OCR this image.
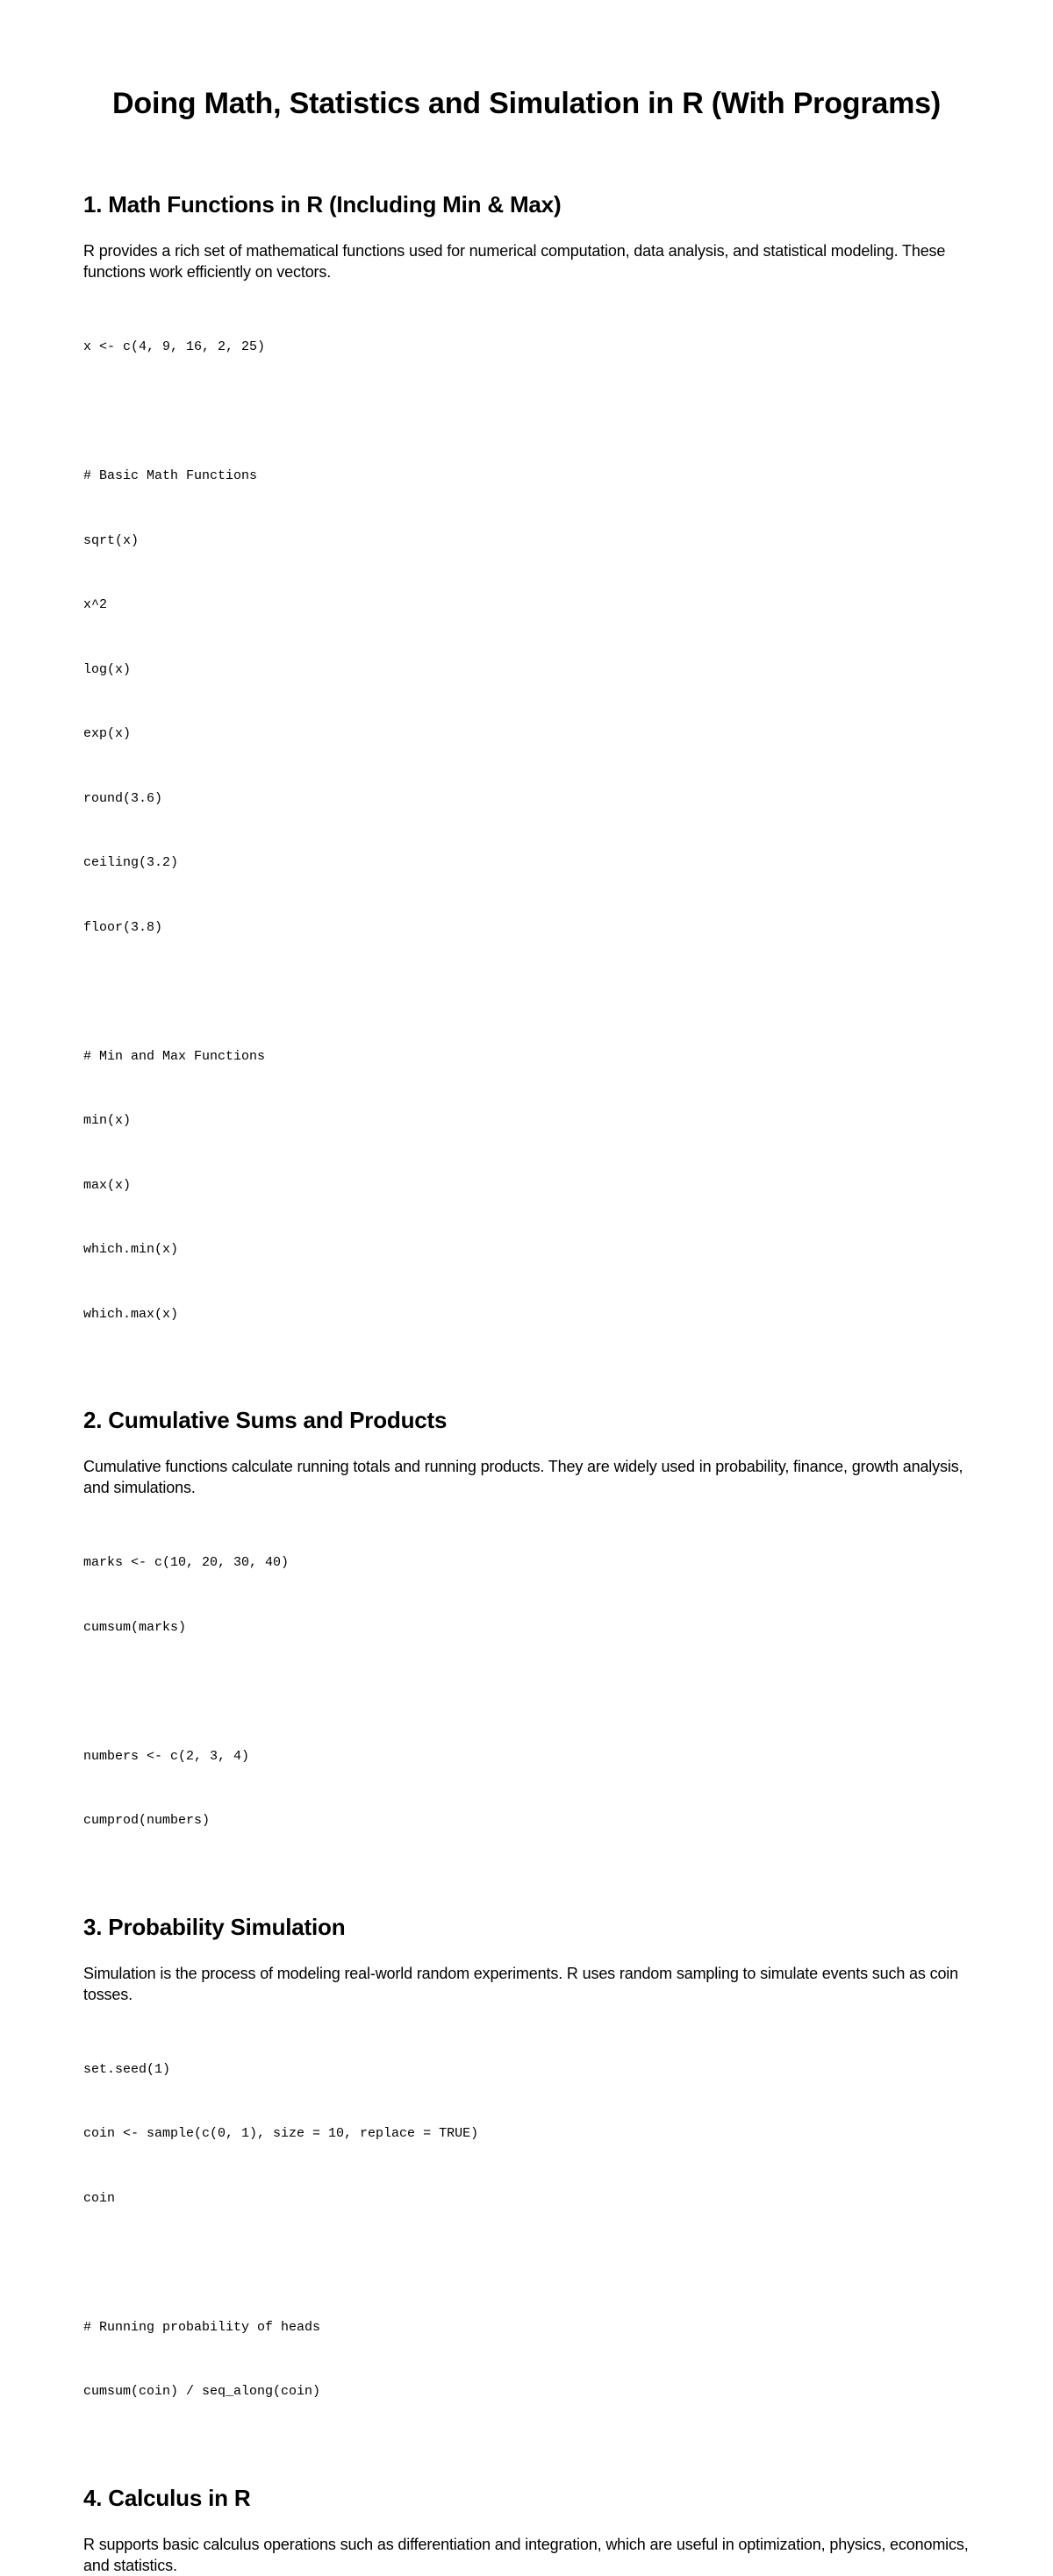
Doing Math, Statistics and Simulation in R (With Programs)
1. Math Functions in R (Including Min & Max)

R provides a rich set of mathematical functions used for numerical computation, data analysis, and statistical modeling. These functions work efficiently on vectors.

x <- c(4, 9, 16, 2, 25)

# Basic Math Functions

sqrt(x)

x^2

log(x)

exp(x)

round(3.6)

ceiling(3.2)

floor(3.8)

# Min and Max Functions

min(x)

max(x)

which.min(x)

which.max(x)

2. Cumulative Sums and Products

Cumulative functions calculate running totals and running products. They are widely used in probability, finance, growth analysis, and simulations.

marks <- c(10, 20, 30, 40)

cumsum(marks)

numbers <- c(2, 3, 4)

cumprod(numbers)

3. Probability Simulation

Simulation is the process of modeling real-world random experiments. R uses random sampling to simulate events such as coin tosses.

set.seed(1)

coin <- sample(c(0, 1), size = 10, replace = TRUE)

coin

# Running probability of heads

cumsum(coin) / seq_along(coin)

4. Calculus in R

R supports basic calculus operations such as differentiation and integration, which are useful in optimization, physics, economics, and statistics.
